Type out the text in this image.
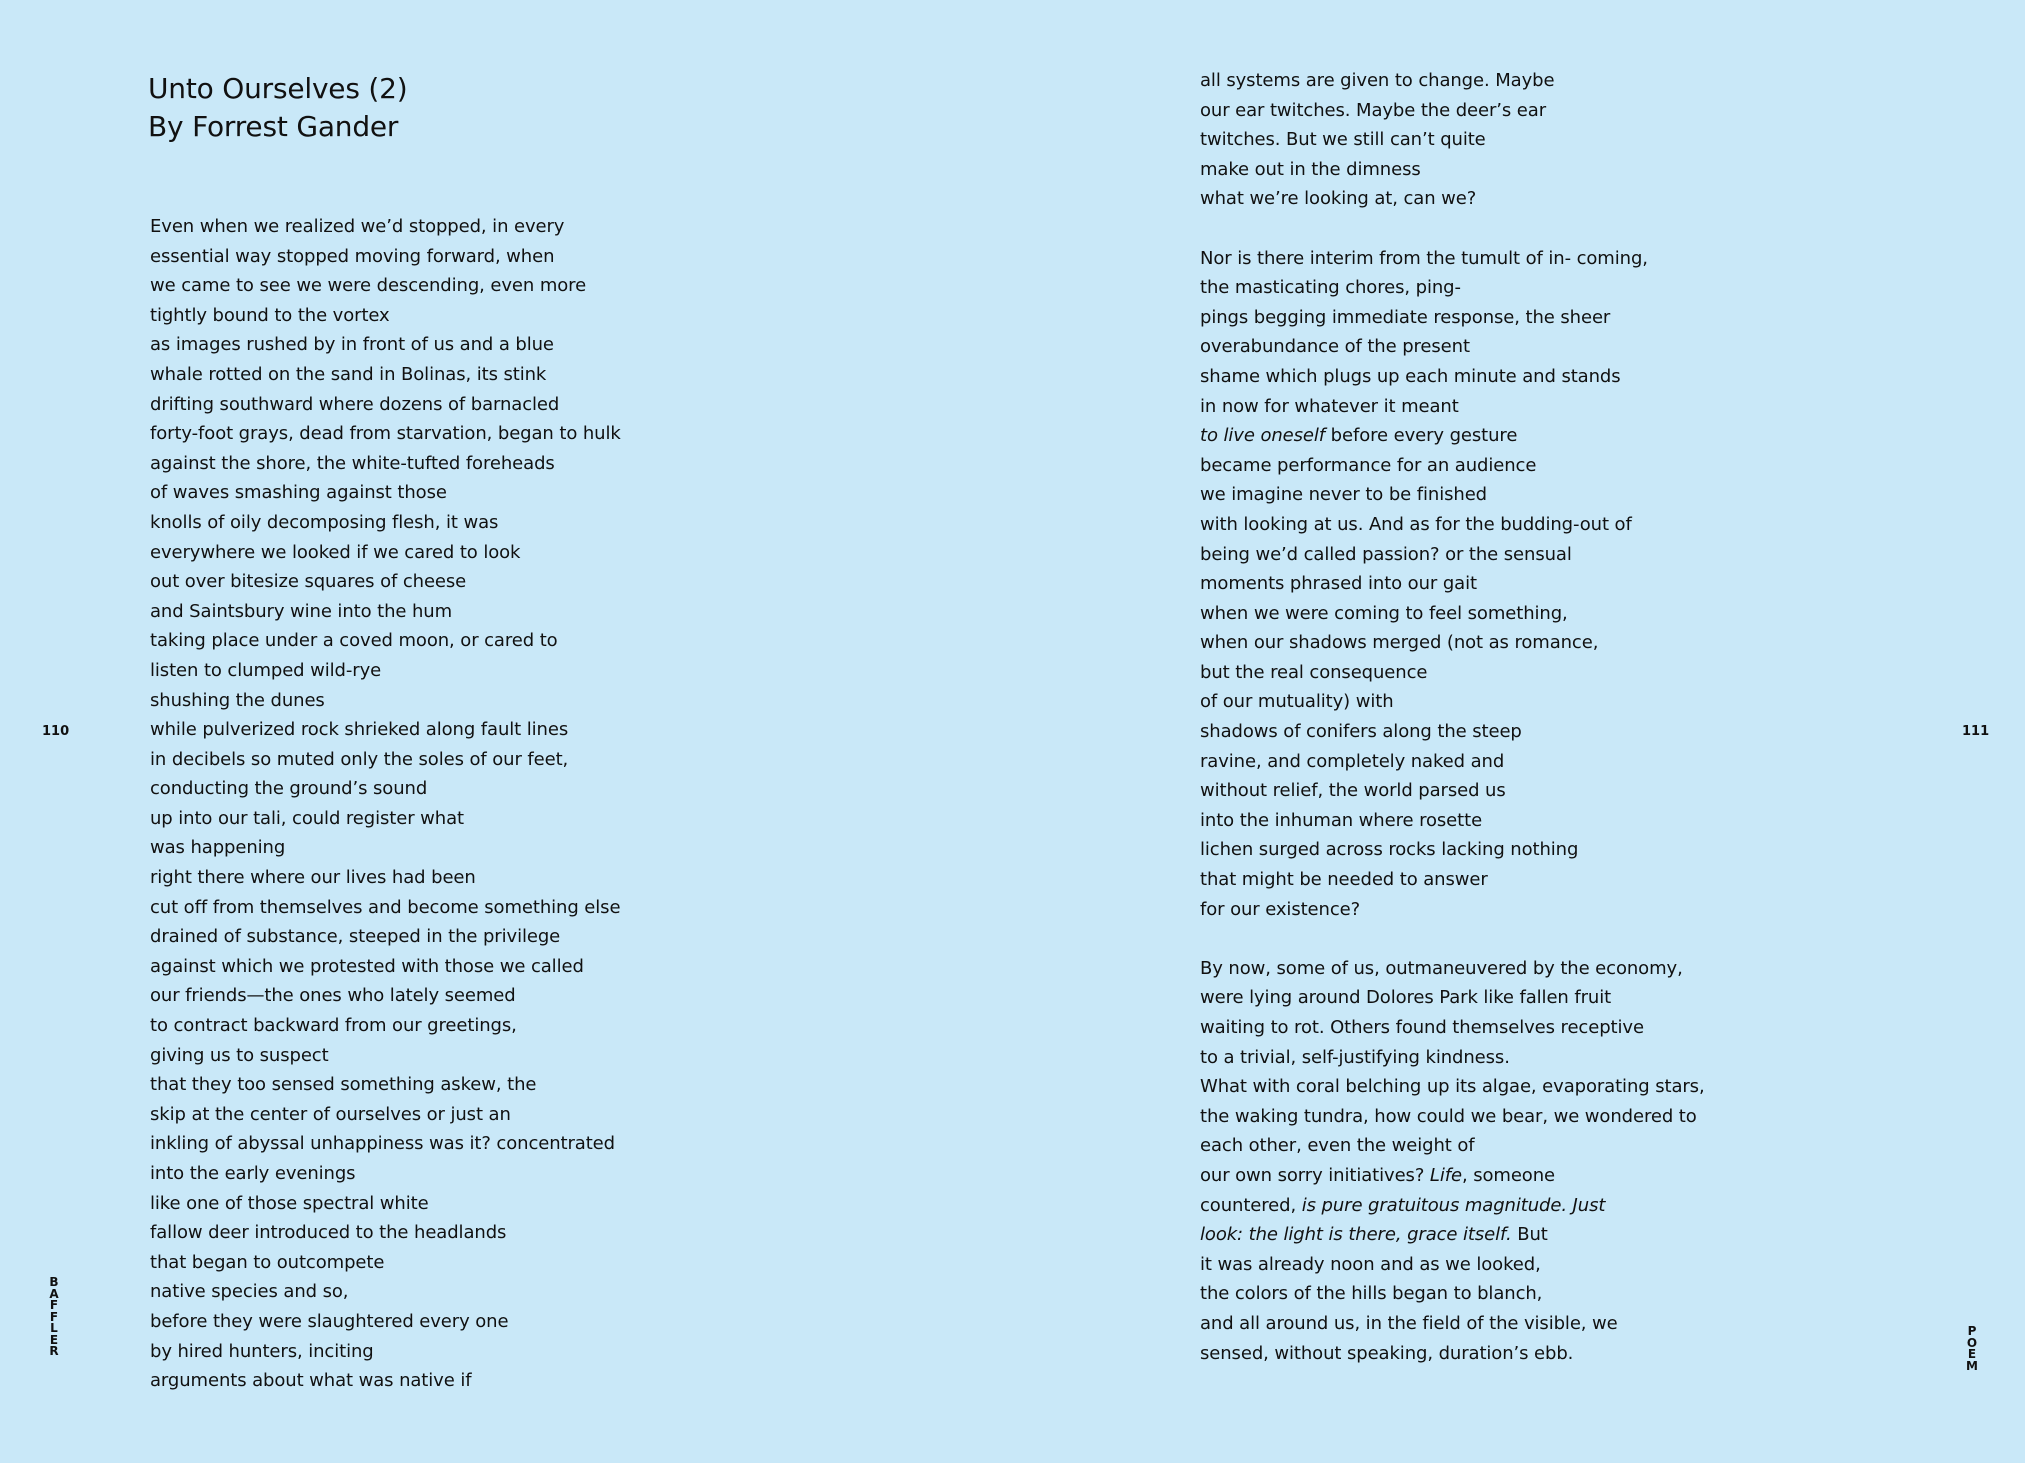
Unto Ourselves (2)
By Forrest Gander
Even when we realized we’d stopped, in every
essential way stopped moving forward, when
we came to see we were descending, even more
tightly bound to the vortex
as images rushed by in front of us and a blue
whale rotted on the sand in Bolinas, its stink
drifting southward where dozens of barnacled
forty-foot grays, dead from starvation, began to hulk
against the shore, the white-tufted foreheads
of waves smashing against those
knolls of oily decomposing flesh, it was
everywhere we looked if we cared to look
out over bitesize squares of cheese
and Saintsbury wine into the hum
taking place under a coved moon, or cared to
listen to clumped wild-rye
shushing the dunes
while pulverized rock shrieked along fault lines
in decibels so muted only the soles of our feet,
conducting the ground’s sound
up into our tali, could register what
was happening
right there where our lives had been
cut off from themselves and become something else
drained of substance, steeped in the privilege
against which we protested with those we called
our friends—the ones who lately seemed
to contract backward from our greetings,
giving us to suspect
that they too sensed something askew, the
skip at the center of ourselves or just an
inkling of abyssal unhappiness was it? concentrated
into the early evenings
like one of those spectral white
fallow deer introduced to the headlands
that began to outcompete
native species and so,
before they were slaughtered every one
by hired hunters, inciting
arguments about what was native if
all systems are given to change. Maybe
our ear twitches. Maybe the deer’s ear
twitches. But we still can’t quite
make out in the dimness
what we’re looking at, can we?
Nor is there interim from the tumult of in- coming,
the masticating chores, ping-
pings begging immediate response, the sheer
overabundance of the present
shame which plugs up each minute and stands
in now for whatever it meant
to live oneself before every gesture
became performance for an audience
we imagine never to be finished
with looking at us. And as for the budding-out of
being we’d called passion? or the sensual
moments phrased into our gait
when we were coming to feel something,
when our shadows merged (not as romance,
but the real consequence
of our mutuality) with
shadows of conifers along the steep
ravine, and completely naked and
without relief, the world parsed us
into the inhuman where rosette
lichen surged across rocks lacking nothing
that might be needed to answer
for our existence?
By now, some of us, outmaneuvered by the economy,
were lying around Dolores Park like fallen fruit
waiting to rot. Others found themselves receptive
to a trivial, self-justifying kindness.
What with coral belching up its algae, evaporating stars,
the waking tundra, how could we bear, we wondered to
each other, even the weight of
our own sorry initiatives? Life, someone
countered, is pure gratuitous magnitude. Just
look: the light is there, grace itself. But
it was already noon and as we looked,
the colors of the hills began to blanch,
and all around us, in the field of the visible, we
sensed, without speaking, duration’s ebb.
110	111
B
A
F
F
L
E
R
P
O
E
M
